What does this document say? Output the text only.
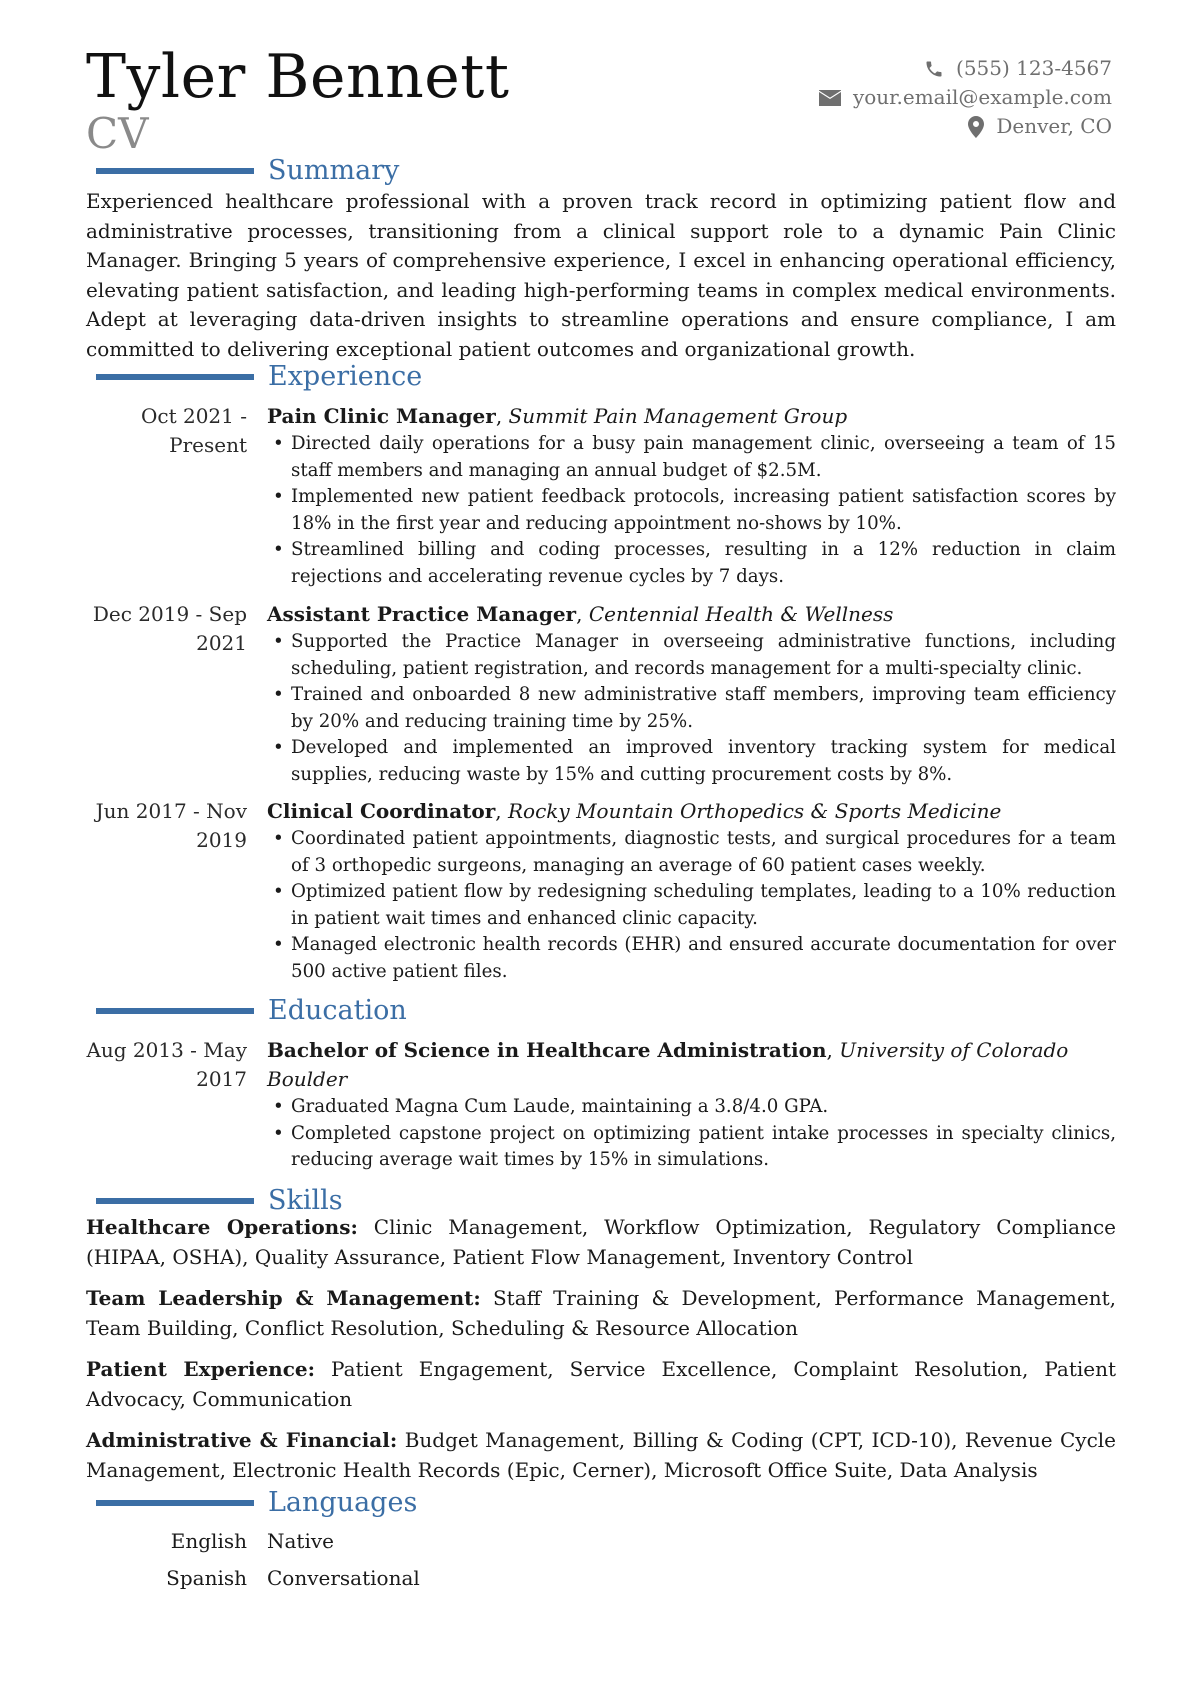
Tyler Bennett
CV
(555) 123-4567
your.email@example.com
Denver, CO
Summary
Experienced healthcare professional with a proven track record in optimizing patient flow and administrative processes, transitioning from a clinical support role to a dynamic Pain Clinic Manager. Bringing 5 years of comprehensive experience, I excel in enhancing operational efficiency, elevating patient satisfaction, and leading high-performing teams in complex medical environments. Adept at leveraging data-driven insights to streamline operations and ensure compliance, I am committed to delivering exceptional patient outcomes and organizational growth.
Experience
Oct 2021 - Present
Pain Clinic Manager, Summit Pain Management Group
• Directed daily operations for a busy pain management clinic, overseeing a team of 15 staff members and managing an annual budget of $2.5M.
• Implemented new patient feedback protocols, increasing patient satisfaction scores by 18% in the first year and reducing appointment no-shows by 10%.
• Streamlined billing and coding processes, resulting in a 12% reduction in claim rejections and accelerating revenue cycles by 7 days.
Dec 2019 - Sep 2021
Assistant Practice Manager, Centennial Health & Wellness
• Supported the Practice Manager in overseeing administrative functions, including scheduling, patient registration, and records management for a multi-specialty clinic.
• Trained and onboarded 8 new administrative staff members, improving team efficiency by 20% and reducing training time by 25%.
• Developed and implemented an improved inventory tracking system for medical supplies, reducing waste by 15% and cutting procurement costs by 8%.
Jun 2017 - Nov 2019
Clinical Coordinator, Rocky Mountain Orthopedics & Sports Medicine
• Coordinated patient appointments, diagnostic tests, and surgical procedures for a team of 3 orthopedic surgeons, managing an average of 60 patient cases weekly.
• Optimized patient flow by redesigning scheduling templates, leading to a 10% reduction in patient wait times and enhanced clinic capacity.
• Managed electronic health records (EHR) and ensured accurate documentation for over 500 active patient files.
Education
Aug 2013 - May 2017
Bachelor of Science in Healthcare Administration, University of Colorado Boulder
• Graduated Magna Cum Laude, maintaining a 3.8/4.0 GPA.
• Completed capstone project on optimizing patient intake processes in specialty clinics, reducing average wait times by 15% in simulations.
Skills
Healthcare Operations: Clinic Management, Workflow Optimization, Regulatory Compliance (HIPAA, OSHA), Quality Assurance, Patient Flow Management, Inventory Control
Team Leadership & Management: Staff Training & Development, Performance Management, Team Building, Conflict Resolution, Scheduling & Resource Allocation
Patient Experience: Patient Engagement, Service Excellence, Complaint Resolution, Patient Advocacy, Communication
Administrative & Financial: Budget Management, Billing & Coding (CPT, ICD-10), Revenue Cycle Management, Electronic Health Records (Epic, Cerner), Microsoft Office Suite, Data Analysis
Languages
English Native
Spanish Conversational
